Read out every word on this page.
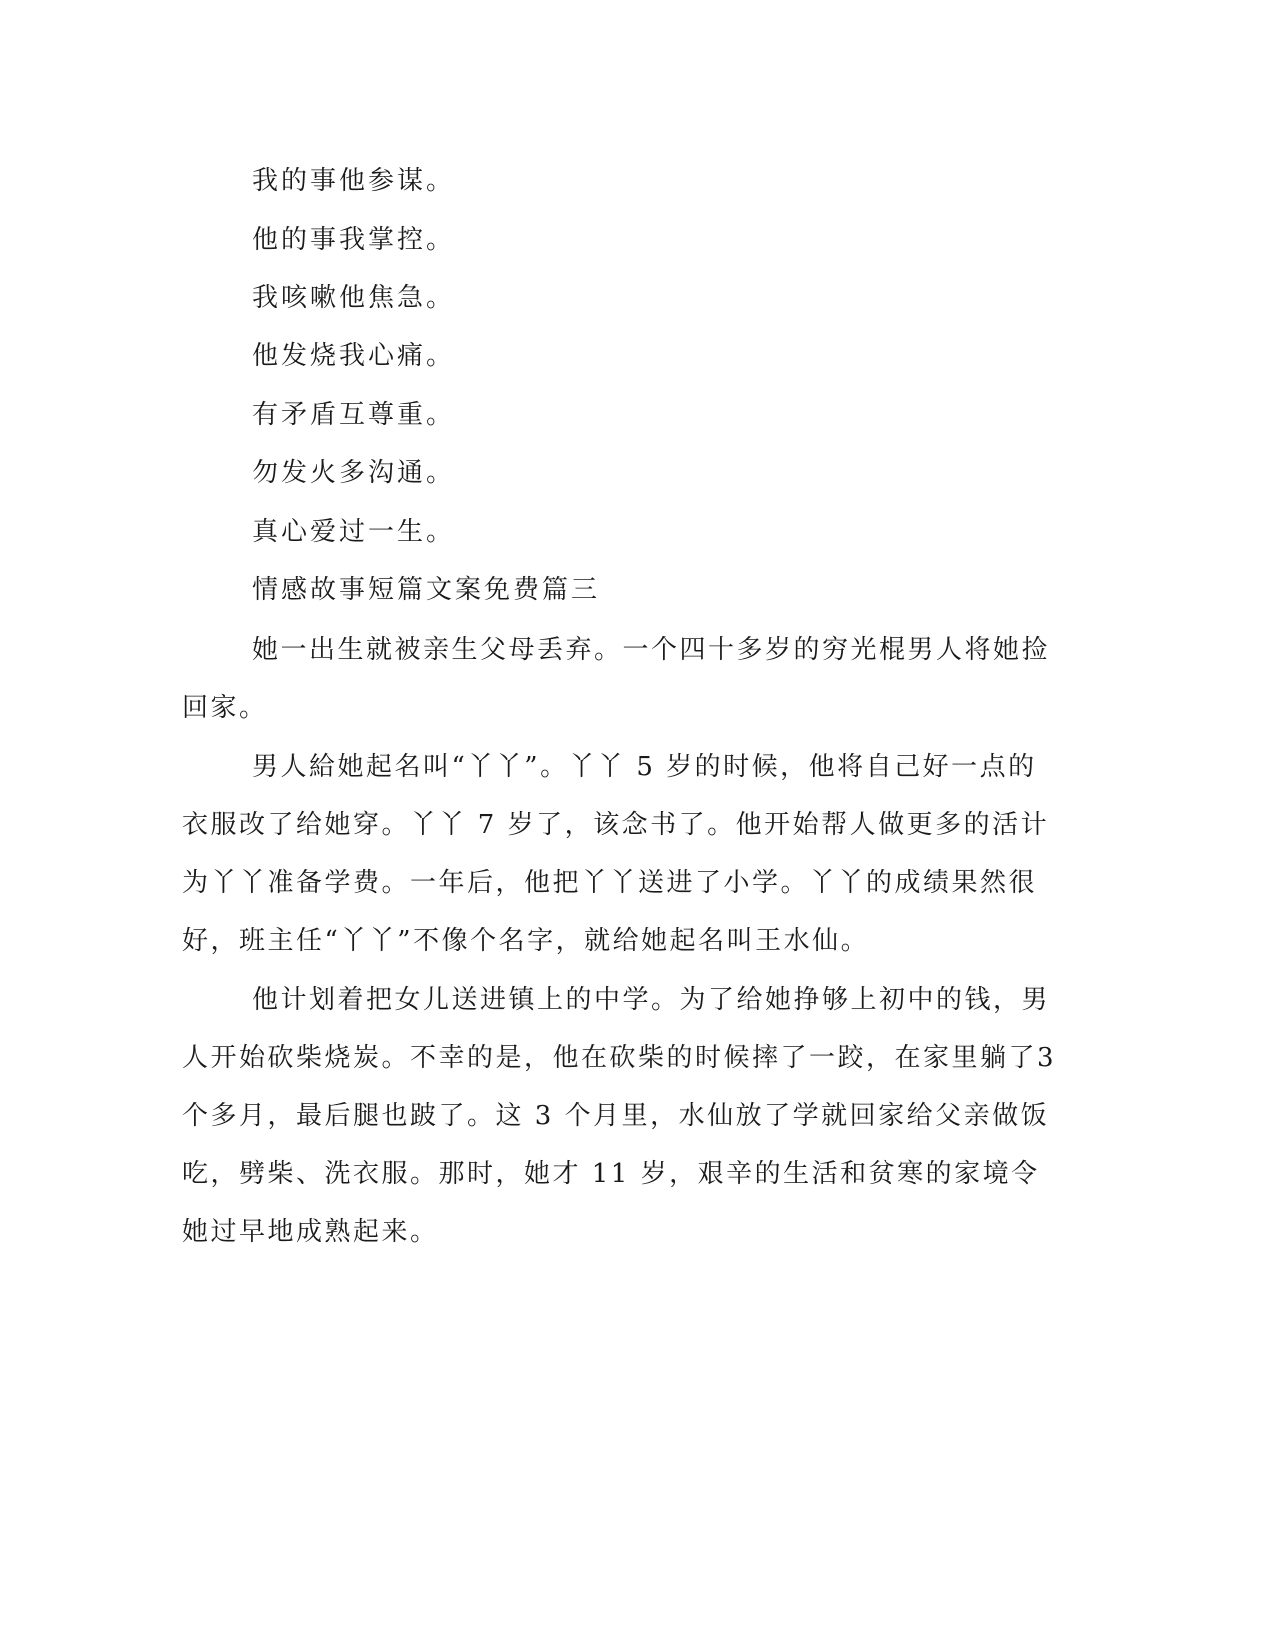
我的事他参谋。
他的事我掌控。
我咳嗽他焦急。
他发烧我心痛。
有矛盾互尊重。
勿发火多沟通。
真心爱过一生。
情感故事短篇文案免费篇三

她一出生就被亲生父母丢弃。一个四十多岁的穷光棍男人将她捡回家。

男人給她起名叫“丫丫”。丫丫 5 岁的时候，他将自己好一点的衣服改了给她穿。丫丫 7 岁了，该念书了。他开始帮人做更多的活计为丫丫准备学费。一年后，他把丫丫送进了小学。丫丫的成绩果然很好，班主任“丫丫”不像个名字，就给她起名叫王水仙。

他计划着把女儿送进镇上的中学。为了给她挣够上初中的钱，男人开始砍柴烧炭。不幸的是，他在砍柴的时候摔了一跤，在家里躺了3 个多月，最后腿也跛了。这 3 个月里，水仙放了学就回家给父亲做饭吃，劈柴、洗衣服。那时，她才 11 岁，艰辛的生活和贫寒的家境令她过早地成熟起来。
